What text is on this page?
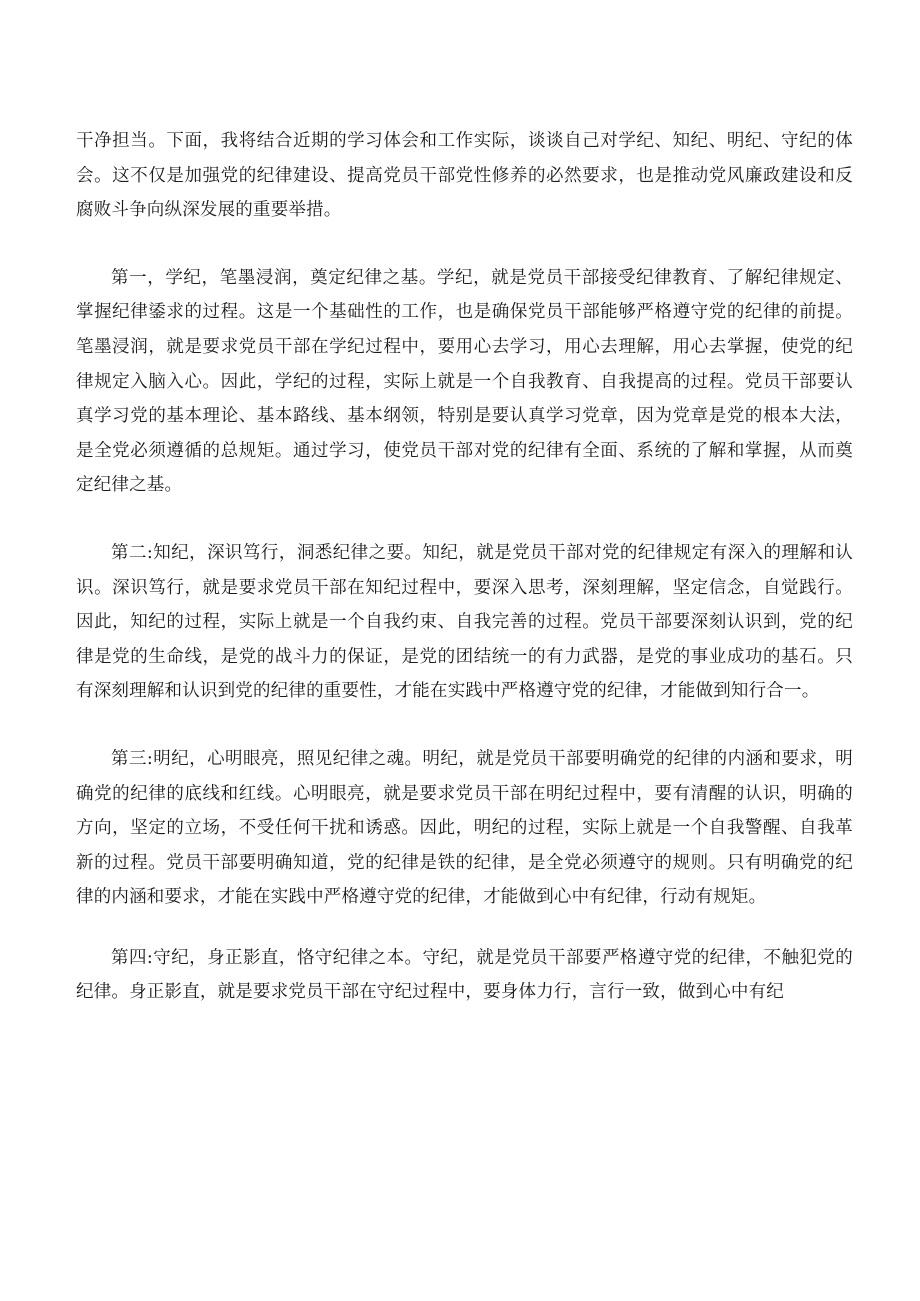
干净担当。下面，我将结合近期的学习体会和工作实际，谈谈自己对学纪、知纪、明纪、守纪的体会。这不仅是加强党的纪律建设、提高党员干部党性修养的必然要求，也是推动党风廉政建设和反腐败斗争向纵深发展的重要举措。

第一，学纪，笔墨浸润，奠定纪律之基。学纪，就是党员干部接受纪律教育、了解纪律规定、掌握纪律鋈求的过程。这是一个基础性的工作，也是确保党员干部能够严格遵守党的纪律的前提。笔墨浸润，就是要求党员干部在学纪过程中，要用心去学习，用心去理解，用心去掌握，使党的纪律规定入脑入心。因此，学纪的过程，实际上就是一个自我教育、自我提高的过程。党员干部要认真学习党的基本理论、基本路线、基本纲领，特别是要认真学习党章，因为党章是党的根本大法，是全党必须遵循的总规矩。通过学习，使党员干部对党的纪律有全面、系统的了解和掌握，从而奠定纪律之基。

第二:知纪，深识笃行，洞悉纪律之要。知纪，就是党员干部对党的纪律规定有深入的理解和认识。深识笃行，就是要求党员干部在知纪过程中，要深入思考，深刻理解，坚定信念，自觉践行。因此，知纪的过程，实际上就是一个自我约束、自我完善的过程。党员干部要深刻认识到，党的纪律是党的生命线，是党的战斗力的保证，是党的团结统一的有力武器，是党的事业成功的基石。只有深刻理解和认识到党的纪律的重要性，才能在实践中严格遵守党的纪律，才能做到知行合一。

第三:明纪，心明眼亮，照见纪律之魂。明纪，就是党员干部要明确党的纪律的内涵和要求，明确党的纪律的底线和红线。心明眼亮，就是要求党员干部在明纪过程中，要有清醒的认识，明确的方向，坚定的立场，不受任何干扰和诱惑。因此，明纪的过程，实际上就是一个自我警醒、自我革新的过程。党员干部要明确知道，党的纪律是铁的纪律，是全党必须遵守的规则。只有明确党的纪律的内涵和要求，才能在实践中严格遵守党的纪律，才能做到心中有纪律，行动有规矩。

第四:守纪，身正影直，恪守纪律之本。守纪，就是党员干部要严格遵守党的纪律，不触犯党的纪律。身正影直，就是要求党员干部在守纪过程中，要身体力行，言行一致，做到心中有纪
